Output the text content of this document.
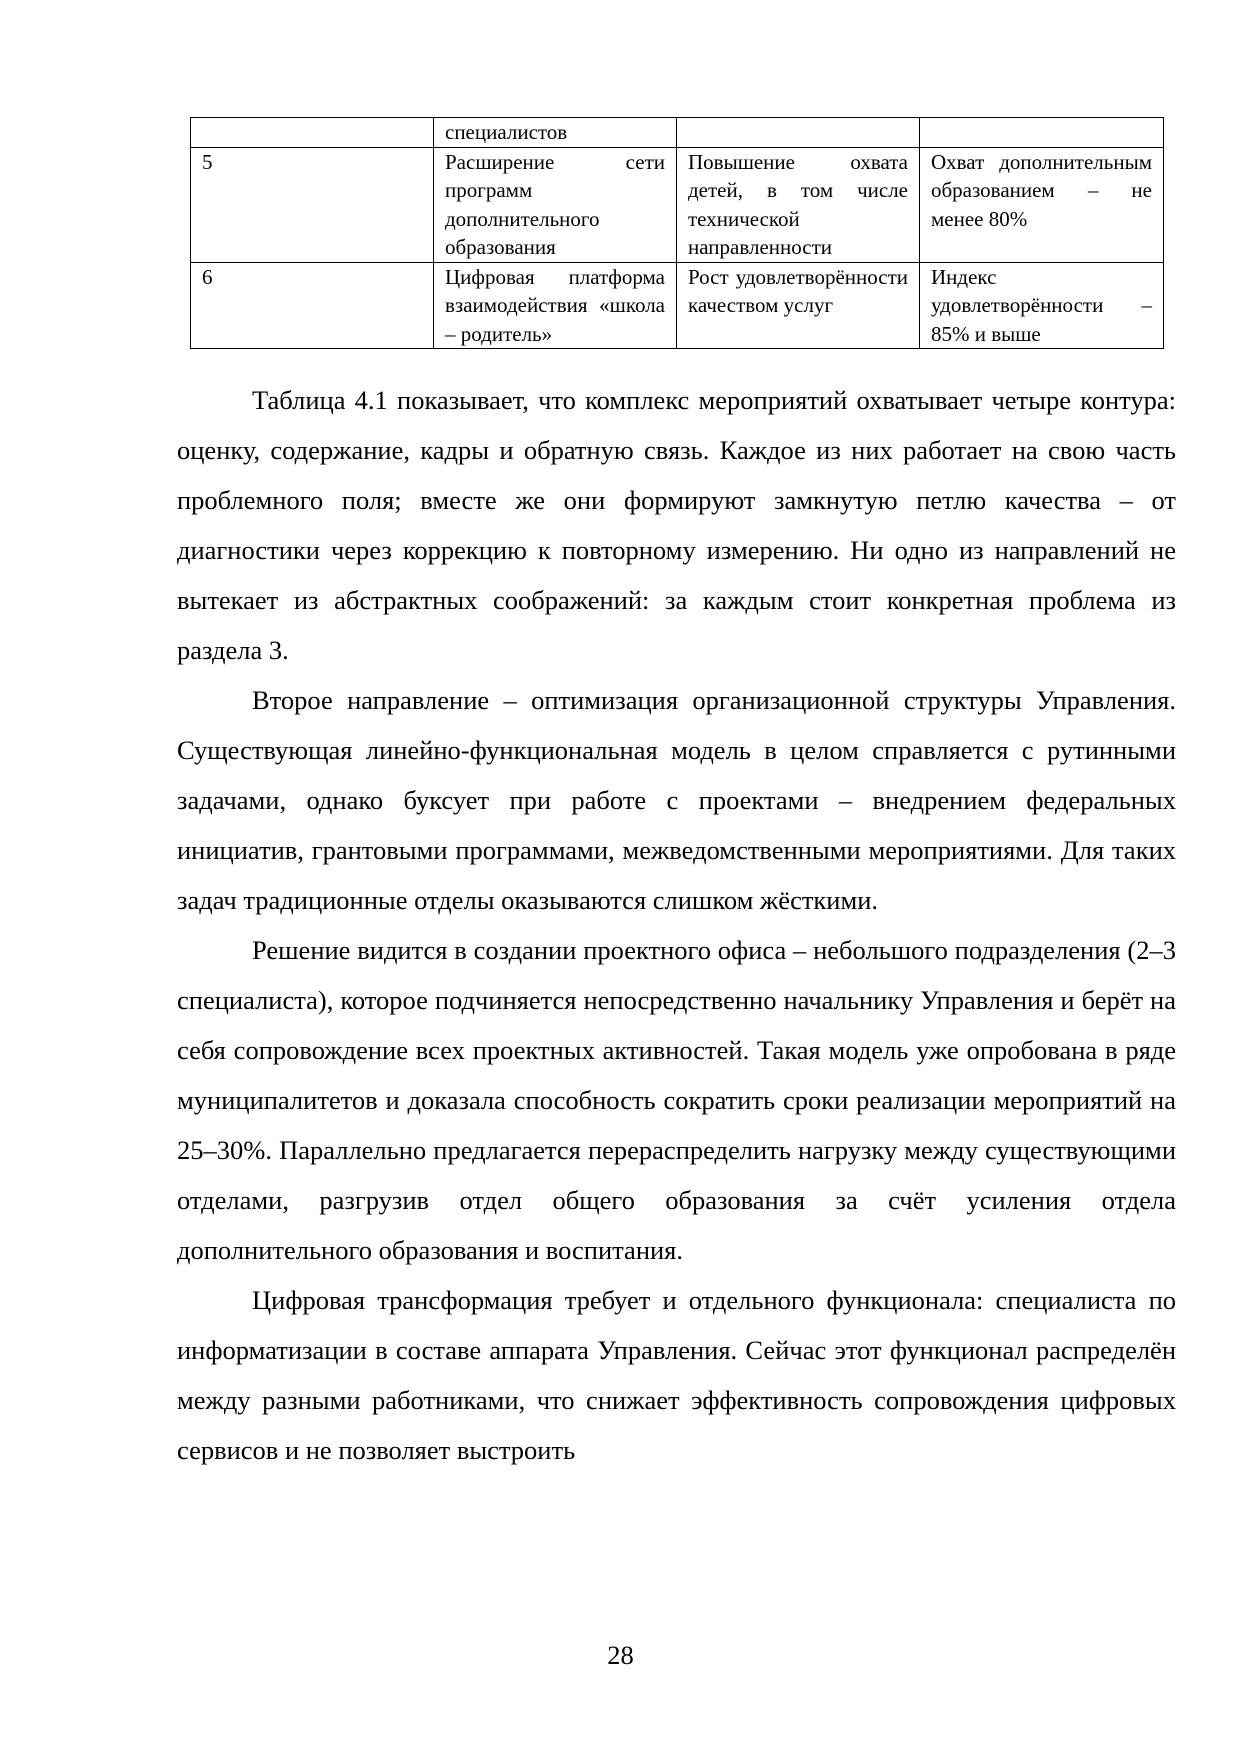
	специалистов		
5	Расширение сети программ дополнительного образования	Повышение охвата детей, в том числе технической направленности	Охват дополнительным образованием – не менее 80%
6	Цифровая платформа взаимодействия «школа – родитель»	Рост удовлетворённости качеством услуг	Индекс удовлетворённости – 85% и выше

Таблица 4.1 показывает, что комплекс мероприятий охватывает четыре контура: оценку, содержание, кадры и обратную связь. Каждое из них работает на свою часть проблемного поля; вместе же они формируют замкнутую петлю качества – от диагностики через коррекцию к повторному измерению. Ни одно из направлений не вытекает из абстрактных соображений: за каждым стоит конкретная проблема из раздела 3.

Второе направление – оптимизация организационной структуры Управления. Существующая линейно-функциональная модель в целом справляется с рутинными задачами, однако буксует при работе с проектами – внедрением федеральных инициатив, грантовыми программами, межведомственными мероприятиями. Для таких задач традиционные отделы оказываются слишком жёсткими.

Решение видится в создании проектного офиса – небольшого подразделения (2–3 специалиста), которое подчиняется непосредственно начальнику Управления и берёт на себя сопровождение всех проектных активностей. Такая модель уже опробована в ряде муниципалитетов и доказала способность сократить сроки реализации мероприятий на 25–30%. Параллельно предлагается перераспределить нагрузку между существующими отделами, разгрузив отдел общего образования за счёт усиления отдела дополнительного образования и воспитания.

Цифровая трансформация требует и отдельного функционала: специалиста по информатизации в составе аппарата Управления. Сейчас этот функционал распределён между разными работниками, что снижает эффективность сопровождения цифровых сервисов и не позволяет выстроить

28
